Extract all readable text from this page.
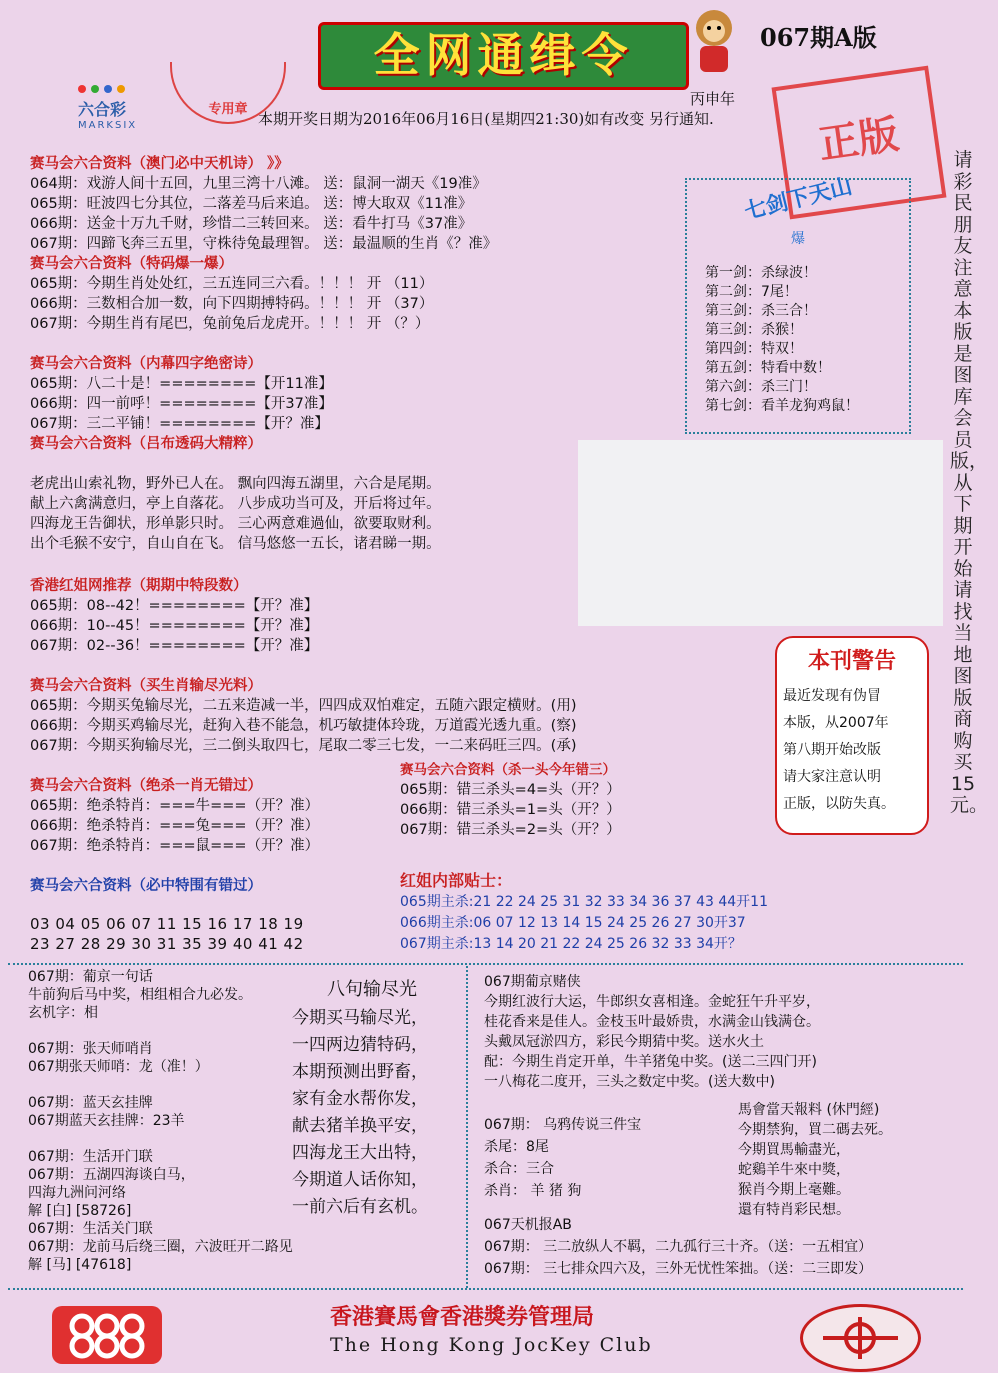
全网通缉令	067期A版
丙申年
六合彩
MARKSIX
专用章
本期开奖日期为2016年06月16日(星期四21:30)如有改变 另行通知.	正版	请彩民朋友注意本版是图库会员版，从下期开始请找当地图版商购买15元。
赛马会六合资料（澳门必中天机诗） 》》
064期：戏游人间十五回，九里三湾十八滩。 送：鼠洞一湖天《19准》
065期：旺波四七分其位，二落差马后来追。 送：博大取双《11准》
066期：送金十万九千财，珍惜二三转回来。 送：看牛打马《37准》
067期：四蹄飞奔三五里，守株待兔最理智。 送：最温顺的生肖《？准》
赛马会六合资料（特码爆一爆）
065期：今期生肖处处红，三五连同三六看。！！！ 开 （11）
066期：三数相合加一数，向下四期搏特码。！！！ 开 （37）
067期：今期生肖有尾巴，兔前兔后龙虎开。！！！ 开 （？）
赛马会六合资料（内幕四字绝密诗）
065期：八二十是！========【开11准】
066期：四一前呼！========【开37准】
067期：三二平铺！========【开？准】
赛马会六合资料（吕布透码大精粹）
老虎出山索礼物，野外已人在。 飘向四海五湖里，六合是尾期。
献上六禽满意归，亭上自落花。 八步成功当可及，开后将过年。
四海龙王告御状，形单影只时。 三心两意难過仙，欲要取财利。
出个毛猴不安宁，自山自在飞。 信马悠悠一五长，诸君睇一期。
香港红姐网推荐（期期中特段数）
065期：08--42！========【开？准】
066期：10--45！========【开？准】
067期：02--36！========【开？准】
赛马会六合资料（买生肖输尽光料）
065期：今期买兔输尽光，二五来造减一半，四四成双怕难定，五随六跟定横财。(用)
066期：今期买鸡输尽光，赶狗入巷不能急，机巧敏捷体玲珑，万道霞光透九重。(察)
067期：今期买狗输尽光，三二倒头取四七，尾取二零三七发，一二来码旺三四。(承)
赛马会六合资料（绝杀一肖无错过）
065期：绝杀特肖：===牛===（开？准）
066期：绝杀特肖：===兔===（开？准）
067期：绝杀特肖：===鼠===（开？准）
赛马会六合资料（杀一头今年错三）
065期：错三杀头=4=头（开？）
066期：错三杀头=1=头（开？）
067期：错三杀头=2=头（开？）
赛马会六合资料（必中特围有错过）
03 04 05 06 07 11 15 16 17 18 19
23 27 28 29 30 31 35 39 40 41 42
红姐内部贴士：
065期主杀:21 22 24 25 31 32 33 34 36 37 43 44开11
066期主杀:06 07 12 13 14 15 24 25 26 27 30开37
067期主杀:13 14 20 21 22 24 25 26 32 33 34开？
七剑下天山
爆
第一剑：杀绿波！
第二剑：7尾！
第三剑：杀三合！
第三剑：杀猴！
第四剑：特双！
第五剑：特看中数！
第六剑：杀三门！
第七剑：看羊龙狗鸡鼠！
本刊警告
最近发现有伪冒
本版，从2007年
第八期开始改版
请大家注意认明
正版，以防失真。
067期：葡京一句话
牛前狗后马中奖，相组相合九必发。
玄机字：相
067期：张天师哨肖
067期张天师哨：龙（准！）
067期：蓝天玄挂牌
067期蓝天玄挂牌：23羊
067期：生活开门联
067期：五湖四海谈白马，
四海九洲问河络
解 [白] [58726]
067期：生活关门联
067期：龙前马后绕三圈，六波旺开二路见
解 [马] [47618]
八句输尽光
今期买马输尽光，
一四两边猜特码，
本期预测出野畜，
家有金水帮你发，
献去猪羊换平安，
四海龙王大出特，
今期道人话你知，
一前六后有玄机。
067期葡京赌侠
今期红波行大运，牛郎织女喜相逢。金蛇狂午升平岁，
桂花香来是佳人。金枝玉叶最娇贵，水满金山钱满仓。
头戴凤冠淤四方，彩民今期猜中奖。送水火土
配：今期生肖定开单，牛羊猪兔中奖。(送二三四门开)
一八梅花二度开，三头之数定中奖。(送大数中)
067期： 乌鸦传说三件宝
杀尾：8尾
杀合：三合
杀肖： 羊 猪 狗
馬會當天報料 (休門經)
今期禁狗，買二碼去死。
今期買馬輸盡光，
蛇鷄羊牛來中獎，
猴肖今期上毫難。
還有特肖彩民想。
067天机报AB
067期： 三二放纵人不羁，二九孤行三十齐。（送：一五相宜）
067期： 三七排众四六及，三外无忧性笨拙。（送：二三即发）
香港賽馬會香港獎券管理局
The Hong Kong JocKey Club
